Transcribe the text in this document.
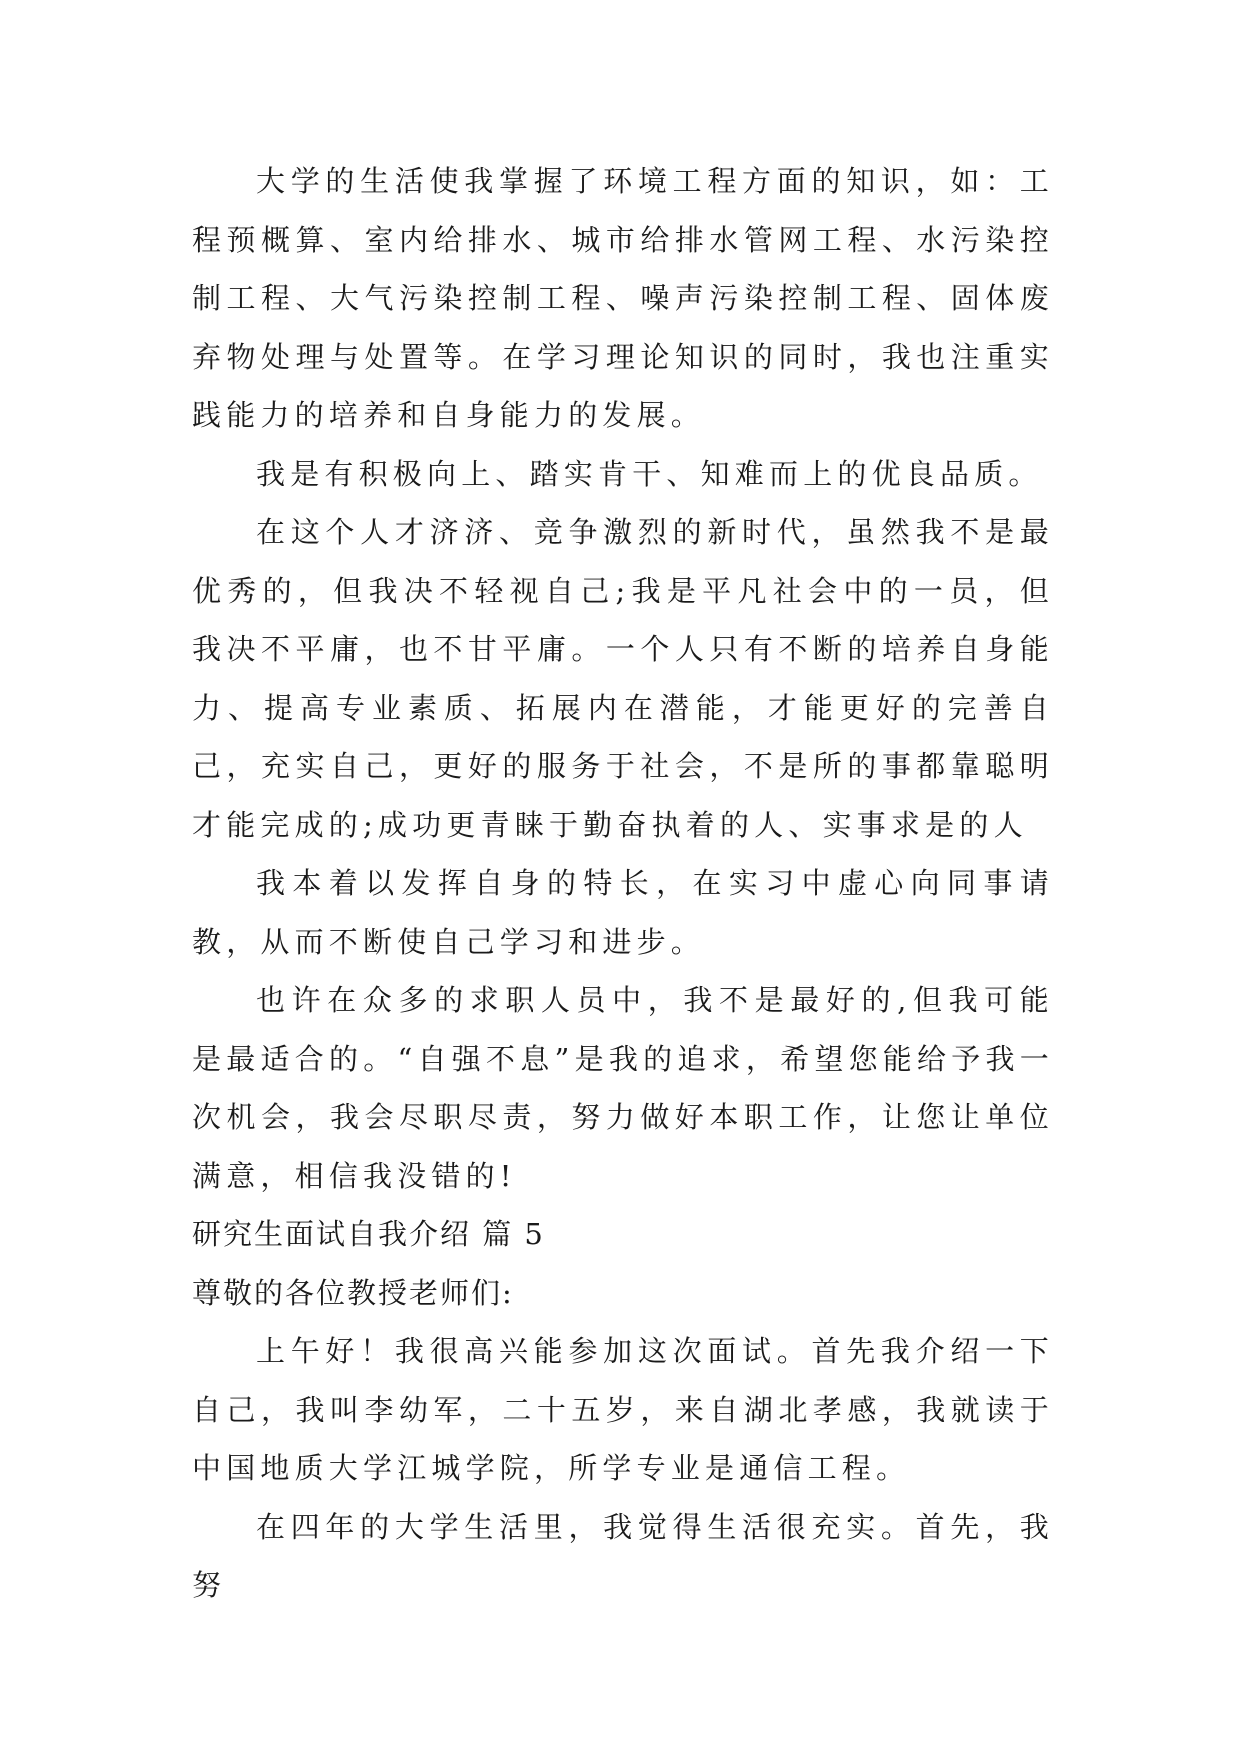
大学的生活使我掌握了环境工程方面的知识，如：工程预概算、室内给排水、城市给排水管网工程、水污染控制工程、大气污染控制工程、噪声污染控制工程、固体废弃物处理与处置等。在学习理论知识的同时，我也注重实践能力的培养和自身能力的发展。

我是有积极向上、踏实肯干、知难而上的优良品质。

在这个人才济济、竞争激烈的新时代，虽然我不是最优秀的，但我决不轻视自己;我是平凡社会中的一员，但我决不平庸，也不甘平庸。一个人只有不断的培养自身能力、提高专业素质、拓展内在潜能，才能更好的完善自己，充实自己，更好的服务于社会，不是所的事都靠聪明才能完成的;成功更青睐于勤奋执着的人、实事求是的人

我本着以发挥自身的特长，在实习中虚心向同事请教，从而不断使自己学习和进步。

也许在众多的求职人员中，我不是最好的,但我可能是最适合的。“自强不息”是我的追求，希望您能给予我一次机会，我会尽职尽责，努力做好本职工作，让您让单位满意，相信我没错的!

研究生面试自我介绍 篇 5

尊敬的各位教授老师们:

上午好！我很高兴能参加这次面试。首先我介绍一下自己，我叫李幼军，二十五岁，来自湖北孝感，我就读于中国地质大学江城学院，所学专业是通信工程。

在四年的大学生活里，我觉得生活很充实。首先，我努
